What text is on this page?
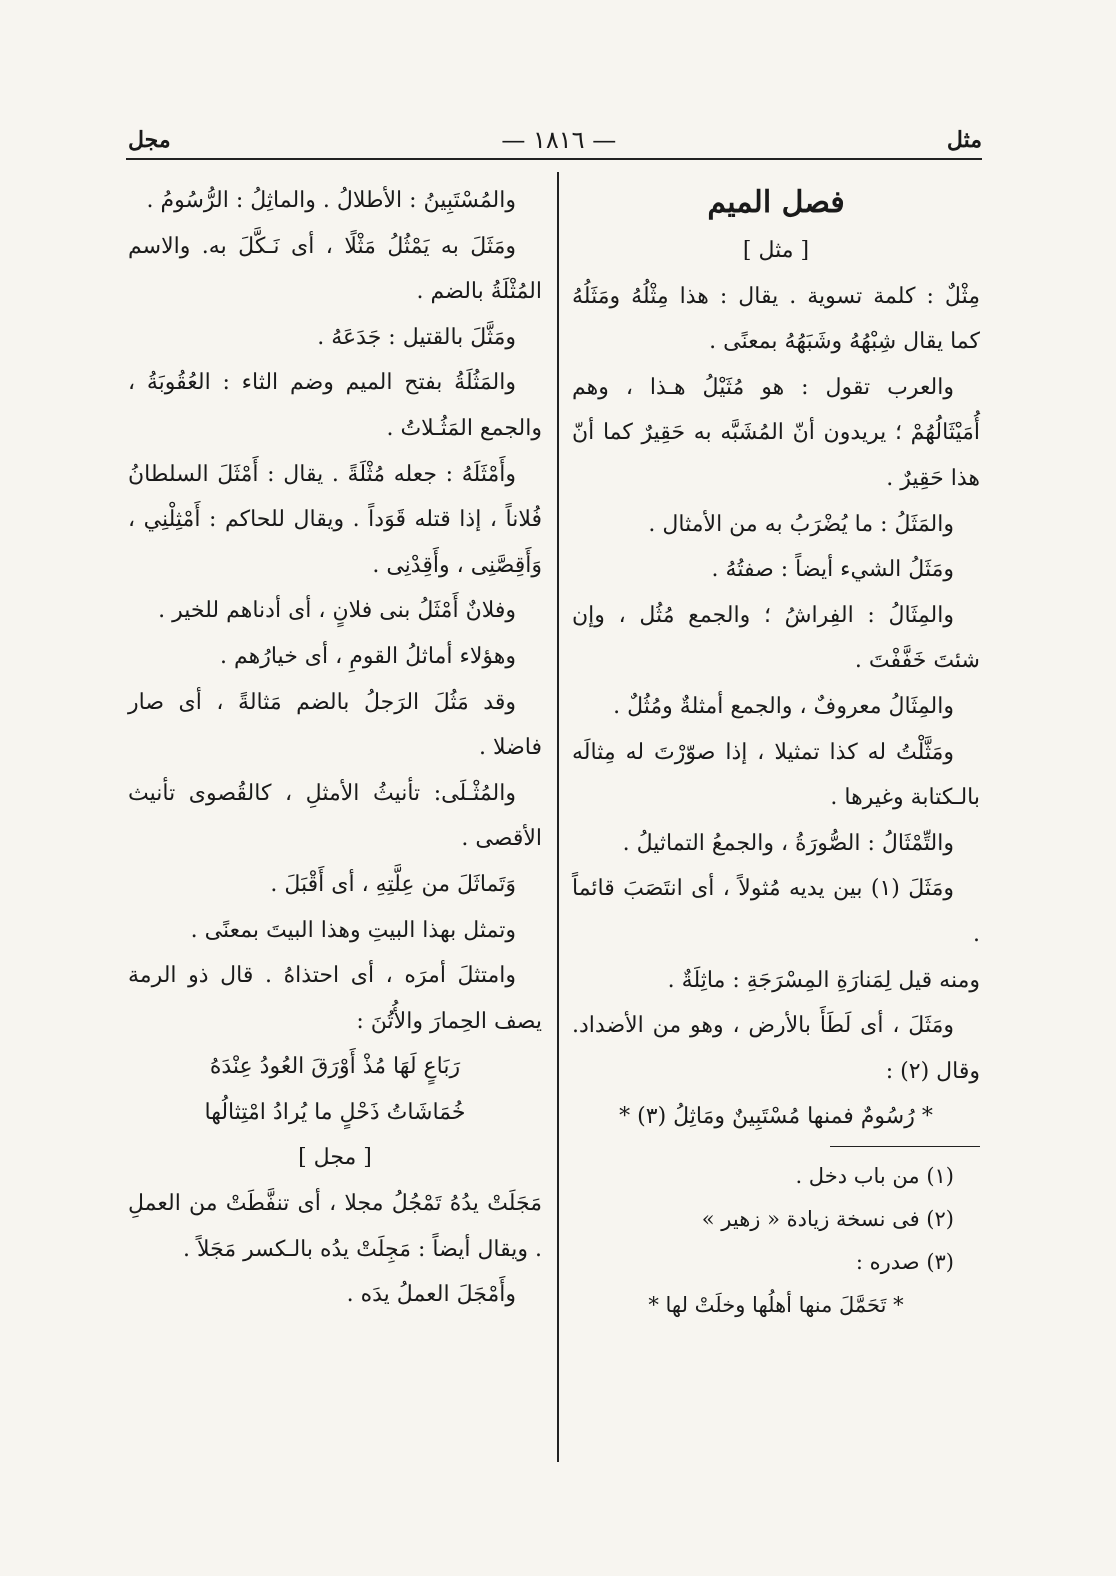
مثل
— ١٨١٦ —
مجل

فصل الميم

[ مثل ]

مِثْلٌ : كلمة تسوية . يقال : هذا مِثْلُهُ ومَثَلُهُ كما يقال شِبْهُهُ وشَبَهُهُ بمعنًى .

والعرب تقول : هو مُثَيْلُ هـذا ، وهم أُمَيْثَالُهُمْ ؛ يريدون أنّ المُشَبَّه به حَقِيرٌ كما أنّ هذا حَقِيرٌ .

والمَثَلُ : ما يُضْرَبُ به من الأمثال .

ومَثَلُ الشيء أيضاً : صفتُهُ .

والمِثَالُ : الفِراشُ ؛ والجمع مُثُل ، وإن شئتَ خَفَّفْتَ .

والمِثَالُ معروفٌ ، والجمع أمثلةٌ ومُثُلٌ .

ومَثَّلْتُ له كذا تمثيلا ، إذا صوّرْتَ له مِثالَه بالـكتابة وغيرها .

والتِّمْثَالُ : الصُّورَةُ ، والجمعُ التماثيلُ .

ومَثَلَ (١) بين يديه مُثولاً ، أى انتَصَبَ قائماً .

ومنه قيل لِمَنارَةِ المِسْرَجَةِ : ماثِلَةٌ .

ومَثَلَ ، أى لَطَأَ بالأرض ، وهو من الأضداد. وقال (٢) :

* رُسُومٌ فمنها مُسْتَبِينٌ ومَاثِلُ (٣) *

(١) من باب دخل .

(٢) فى نسخة زيادة « زهير »

(٣) صدره :

* تَحَمَّلَ منها أهلُها وخلَتْ لها *

والمُسْتَبِينُ : الأطلالُ . والماثِلُ : الرُّسُومُ .

ومَثَلَ به يَمْثُلُ مَثْلًا ، أى نَـكَّلَ به. والاسم المُثْلَةُ بالضم .

ومَثَّلَ بالقتيل : جَدَعَهُ .

والمَثُلَةُ بفتح الميم وضم الثاء : العُقُوبَةُ ، والجمع المَثُـلاتُ .

وأَمْثَلَهُ : جعله مُثْلَةً . يقال : أَمْثَلَ السلطانُ فُلاناً ، إذا قتله قَوَداً . ويقال للحاكم : أَمْثِلْنِي ، وَأَقِصَّنِى ، وأَقِدْنِى .

وفلانٌ أَمْثَلُ بنى فلانٍ ، أى أدناهم للخير .

وهؤلاء أماثلُ القومِ ، أى خيارُهم .

وقد مَثُلَ الرَجلُ بالضم مَثالةً ، أى صار فاضلا .

والمُثْـلَى: تأنيثُ الأمثلِ ، كالقُصوى تأنيث الأقصى .

وَتَماثَلَ من عِلَّتِهِ ، أى أَقْبَلَ .

وتمثل بهذا البيتِ وهذا البيتَ بمعنًى .

وامتثلَ أمرَه ، أى احتذاهُ . قال ذو الرمة يصف الحِمارَ والأُتُنَ :

رَبَاعٍ لَهَا مُذْ أَوْرَقَ العُودُ عِنْدَهُ

خُمَاشَاتُ ذَحْلٍ ما يُرادُ امْتِثالُها

[ مجل ]

مَجَلَتْ يدُهُ تَمْجُلُ مجلا ، أى تنفَّطَتْ من العملِ . ويقال أيضاً : مَجِلَتْ يدُه بالـكسر مَجَلاً .

وأَمْجَلَ العملُ يدَه .
